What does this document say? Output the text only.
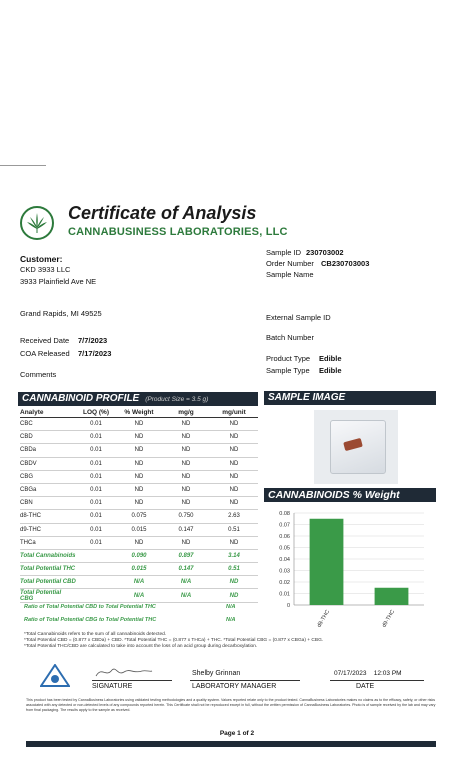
Certificate of Analysis
CANNABUSINESS LABORATORIES, LLC
Customer:
CKD 3933 LLC
3933 Plainfield Ave NE
Grand Rapids, MI 49525
Received Date 7/7/2023
COA Released 7/17/2023
Comments
Sample ID 230703002
Order Number CB230703003
Sample Name
External Sample ID
Batch Number
Product Type Edible
Sample Type Edible
CANNABINOID PROFILE (Product Size = 3.5 g)
Analyte	LOQ (%)	% Weight	mg/g	mg/unit
CBC	0.01	ND	ND	ND
CBD	0.01	ND	ND	ND
CBDa	0.01	ND	ND	ND
CBDV	0.01	ND	ND	ND
CBG	0.01	ND	ND	ND
CBGa	0.01	ND	ND	ND
CBN	0.01	ND	ND	ND
d8-THC	0.01	0.075	0.750	2.63
d9-THC	0.01	0.015	0.147	0.51
THCa	0.01	ND	ND	ND
Total Cannabinoids		0.090	0.897	3.14
Total Potential THC		0.015	0.147	0.51
Total Potential CBD		N/A	N/A	ND
Total Potential CBG		N/A	N/A	ND
Ratio of Total Potential CBD to Total Potential THC	N/A
Ratio of Total Potential CBG to Total Potential THC	N/A
SAMPLE IMAGE
CANNABINOIDS % Weight
0
0.01
0.02
0.03
0.04
0.05
0.06
0.07
0.08
d8-THC	d9-THC
*Total Cannabinoids refers to the sum of all cannabinoids detected.
*Total Potential CBD = (0.877 x CBDa) + CBD. *Total Potential THC = (0.877 x THCa) + THC. *Total Potential CBG = (0.877 x CBGa) + CBG.
*Total Potential THC/CBD are calculated to take into account the loss of an acid group during decarboxylation.
SIGNATURE
Shelby Grinnan
LABORATORY MANAGER
07/17/2023    12:03 PM
DATE
This product has been tested by CannaBusiness Laboratories using validated testing methodologies and a quality system. Values reported relate only to the product tested. CannaBusiness Laboratories makes no claims as to the efficacy, safety, or other risks associated with any detected or non-detected levels of any compounds reported herein. This Certificate shall not be reproduced except in full, without the written permission of CannaBusiness Laboratories. Photo is of sample received by the lab and may vary from final packaging. The results apply to the sample as received.
Page 1 of 2
